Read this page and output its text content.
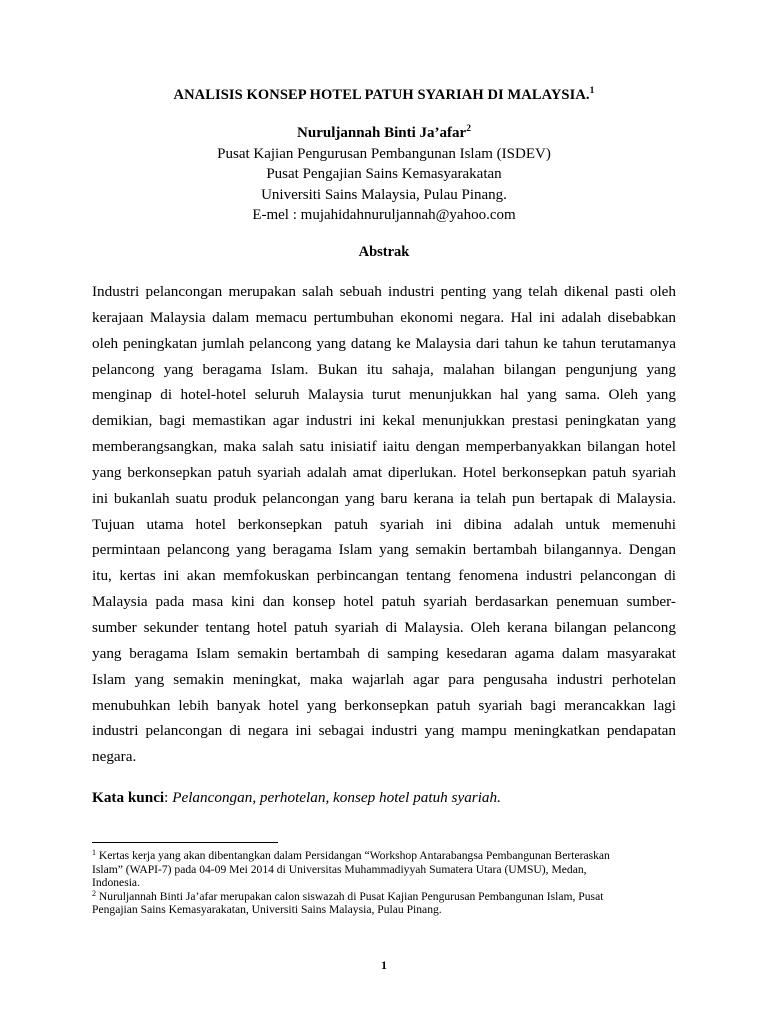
ANALISIS KONSEP HOTEL PATUH SYARIAH DI MALAYSIA.$^1$
Nuruljannah Binti Ja’afar$^2$
Pusat Kajian Pengurusan Pembangunan Islam (ISDEV)
Pusat Pengajian Sains Kemasyarakatan
Universiti Sains Malaysia, Pulau Pinang.
E-mel : mujahidahnuruljannah@yahoo.com
Abstrak
Industri pelancongan merupakan salah sebuah industri penting yang telah dikenal pasti oleh
kerajaan Malaysia dalam memacu pertumbuhan ekonomi negara. Hal ini adalah disebabkan
oleh peningkatan jumlah pelancong yang datang ke Malaysia dari tahun ke tahun terutamanya
pelancong yang beragama Islam. Bukan itu sahaja, malahan bilangan pengunjung yang
menginap di hotel-hotel seluruh Malaysia turut menunjukkan hal yang sama. Oleh yang
demikian, bagi memastikan agar industri ini kekal menunjukkan prestasi peningkatan yang
memberangsangkan, maka salah satu inisiatif iaitu dengan memperbanyakkan bilangan hotel
yang berkonsepkan patuh syariah adalah amat diperlukan. Hotel berkonsepkan patuh syariah
ini bukanlah suatu produk pelancongan yang baru kerana ia telah pun bertapak di Malaysia.
Tujuan utama hotel berkonsepkan patuh syariah ini dibina adalah untuk memenuhi
permintaan pelancong yang beragama Islam yang semakin bertambah bilangannya. Dengan
itu, kertas ini akan memfokuskan perbincangan tentang fenomena industri pelancongan di
Malaysia pada masa kini dan konsep hotel patuh syariah berdasarkan penemuan sumber-
sumber sekunder tentang hotel patuh syariah di Malaysia. Oleh kerana bilangan pelancong
yang beragama Islam semakin bertambah di samping kesedaran agama dalam masyarakat
Islam yang semakin meningkat, maka wajarlah agar para pengusaha industri perhotelan
menubuhkan lebih banyak hotel yang berkonsepkan patuh syariah bagi merancakkan lagi
industri pelancongan di negara ini sebagai industri yang mampu meningkatkan pendapatan
negara.
Kata kunci: Pelancongan, perhotelan, konsep hotel patuh syariah.
$^1$ Kertas kerja yang akan dibentangkan dalam Persidangan “Workshop Antarabangsa Pembangunan Berteraskan
Islam” (WAPI-7) pada 04-09 Mei 2014 di Universitas Muhammadiyyah Sumatera Utara (UMSU), Medan,
Indonesia.
$^2$ Nuruljannah Binti Ja’afar merupakan calon siswazah di Pusat Kajian Pengurusan Pembangunan Islam, Pusat
Pengajian Sains Kemasyarakatan, Universiti Sains Malaysia, Pulau Pinang.
1
